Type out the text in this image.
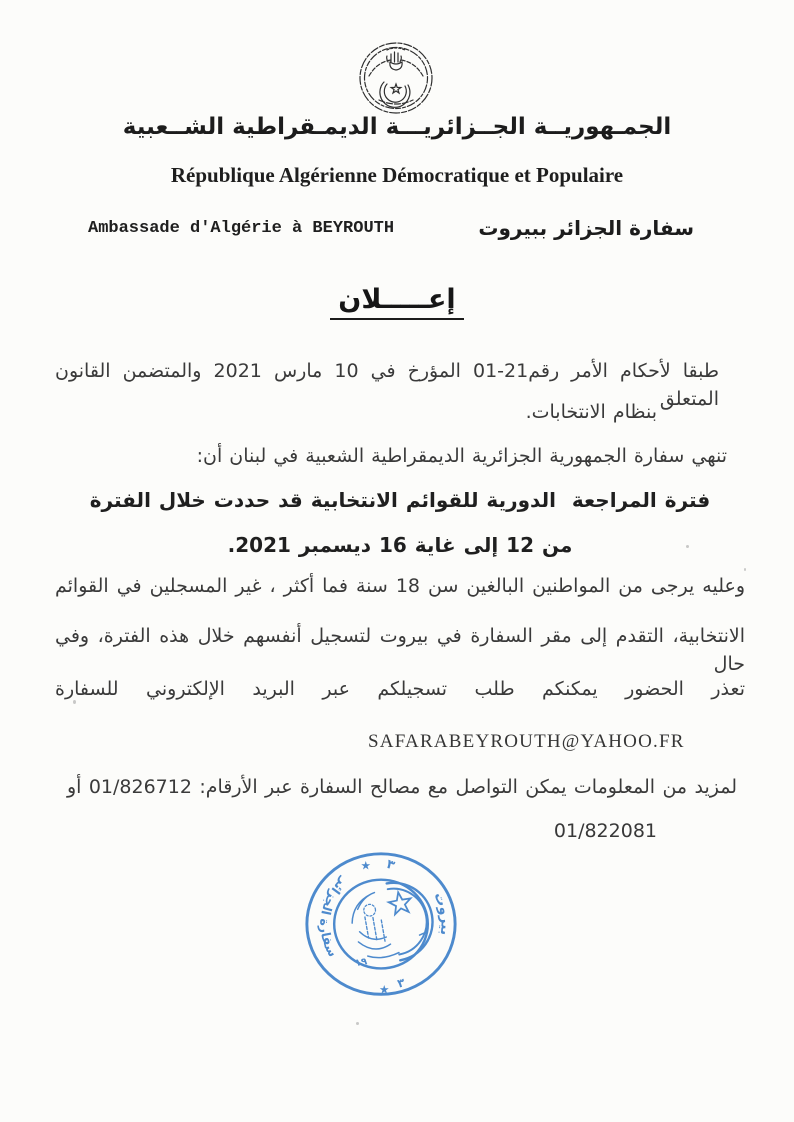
الجمـهوريــة الجــزائريـــة الديمـقراطية الشــعبية
République Algérienne Démocratique et Populaire
Ambassade d'Algérie à BEYROUTH	سفارة الجزائر ببيروت
إعـــــلان
طبقا لأحكام الأمر رقم21-01 المؤرخ في 10 مارس 2021 والمتضمن القانون المتعلق
بنظام الانتخابات.
تنهي سفارة الجمهورية الجزائرية الديمقراطية الشعبية في لبنان أن:
فترة المراجعة  الدورية للقوائم الانتخابية قد حددت خلال الفترة
من 12 إلى غاية 16 ديسمبر 2021.
وعليه يرجى من المواطنين البالغين سن 18 سنة فما أكثر ، غير المسجلين في القوائم
الانتخابية، التقدم إلى مقر السفارة في بيروت لتسجيل أنفسهم خلال هذه الفترة، وفي حال
تعذر الحضور يمكنكم طلب تسجيلكم عبر البريد الإلكتروني للسفارة
SAFARABEYROUTH@YAHOO.FR
لمزيد من المعلومات يمكن التواصل مع مصالح السفارة عبر الأرقام: 01/826712 أو
01/822081
سفارة الجزائر
بيروت
★ ٣
★ ٣
١٩
